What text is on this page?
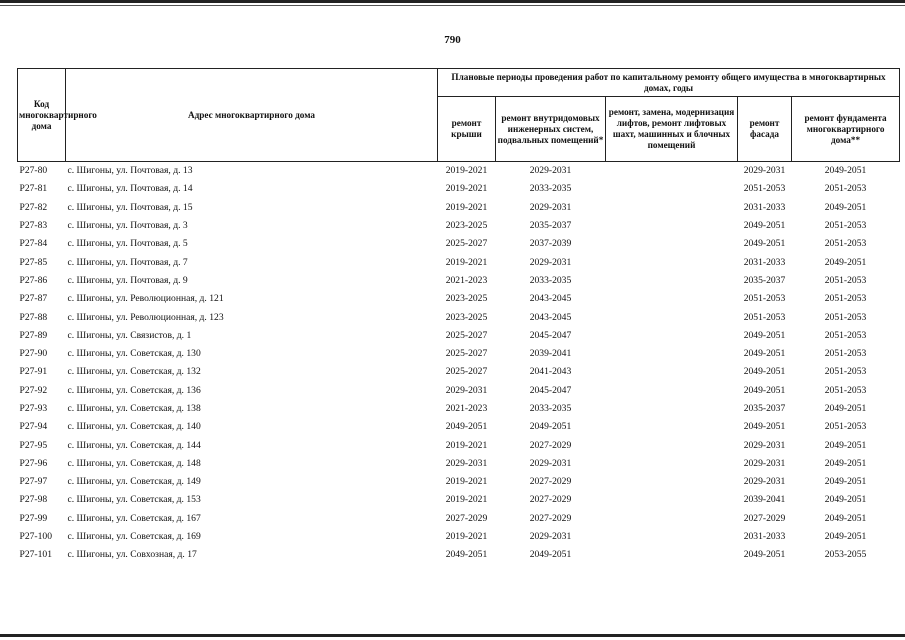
790
Код многоквартирного дома	Адрес многоквартирного дома	Плановые периоды проведения работ по капитальному ремонту общего имущества в многоквартирных домах, годы				
		ремонт крыши	ремонт внутридомовых инженерных систем, подвальных помещений*	ремонт, замена, модернизация лифтов, ремонт лифтовых шахт, машинных и блочных помещений	ремонт фасада	ремонт фундамента многоквартирного дома**
Р27-80	с. Шигоны, ул. Почтовая, д. 13	2019-2021	2029-2031		2029-2031	2049-2051
Р27-81	с. Шигоны, ул. Почтовая, д. 14	2019-2021	2033-2035		2051-2053	2051-2053
Р27-82	с. Шигоны, ул. Почтовая, д. 15	2019-2021	2029-2031		2031-2033	2049-2051
Р27-83	с. Шигоны, ул. Почтовая, д. 3	2023-2025	2035-2037		2049-2051	2051-2053
Р27-84	с. Шигоны, ул. Почтовая, д. 5	2025-2027	2037-2039		2049-2051	2051-2053
Р27-85	с. Шигоны, ул. Почтовая, д. 7	2019-2021	2029-2031		2031-2033	2049-2051
Р27-86	с. Шигоны, ул. Почтовая, д. 9	2021-2023	2033-2035		2035-2037	2051-2053
Р27-87	с. Шигоны, ул. Революционная, д. 121	2023-2025	2043-2045		2051-2053	2051-2053
Р27-88	с. Шигоны, ул. Революционная, д. 123	2023-2025	2043-2045		2051-2053	2051-2053
Р27-89	с. Шигоны, ул. Связистов, д. 1	2025-2027	2045-2047		2049-2051	2051-2053
Р27-90	с. Шигоны, ул. Советская, д. 130	2025-2027	2039-2041		2049-2051	2051-2053
Р27-91	с. Шигоны, ул. Советская, д. 132	2025-2027	2041-2043		2049-2051	2051-2053
Р27-92	с. Шигоны, ул. Советская, д. 136	2029-2031	2045-2047		2049-2051	2051-2053
Р27-93	с. Шигоны, ул. Советская, д. 138	2021-2023	2033-2035		2035-2037	2049-2051
Р27-94	с. Шигоны, ул. Советская, д. 140	2049-2051	2049-2051		2049-2051	2051-2053
Р27-95	с. Шигоны, ул. Советская, д. 144	2019-2021	2027-2029		2029-2031	2049-2051
Р27-96	с. Шигоны, ул. Советская, д. 148	2029-2031	2029-2031		2029-2031	2049-2051
Р27-97	с. Шигоны, ул. Советская, д. 149	2019-2021	2027-2029		2029-2031	2049-2051
Р27-98	с. Шигоны, ул. Советская, д. 153	2019-2021	2027-2029		2039-2041	2049-2051
Р27-99	с. Шигоны, ул. Советская, д. 167	2027-2029	2027-2029		2027-2029	2049-2051
Р27-100	с. Шигоны, ул. Советская, д. 169	2019-2021	2029-2031		2031-2033	2049-2051
Р27-101	с. Шигоны, ул. Совхозная, д. 17	2049-2051	2049-2051		2049-2051	2053-2055
